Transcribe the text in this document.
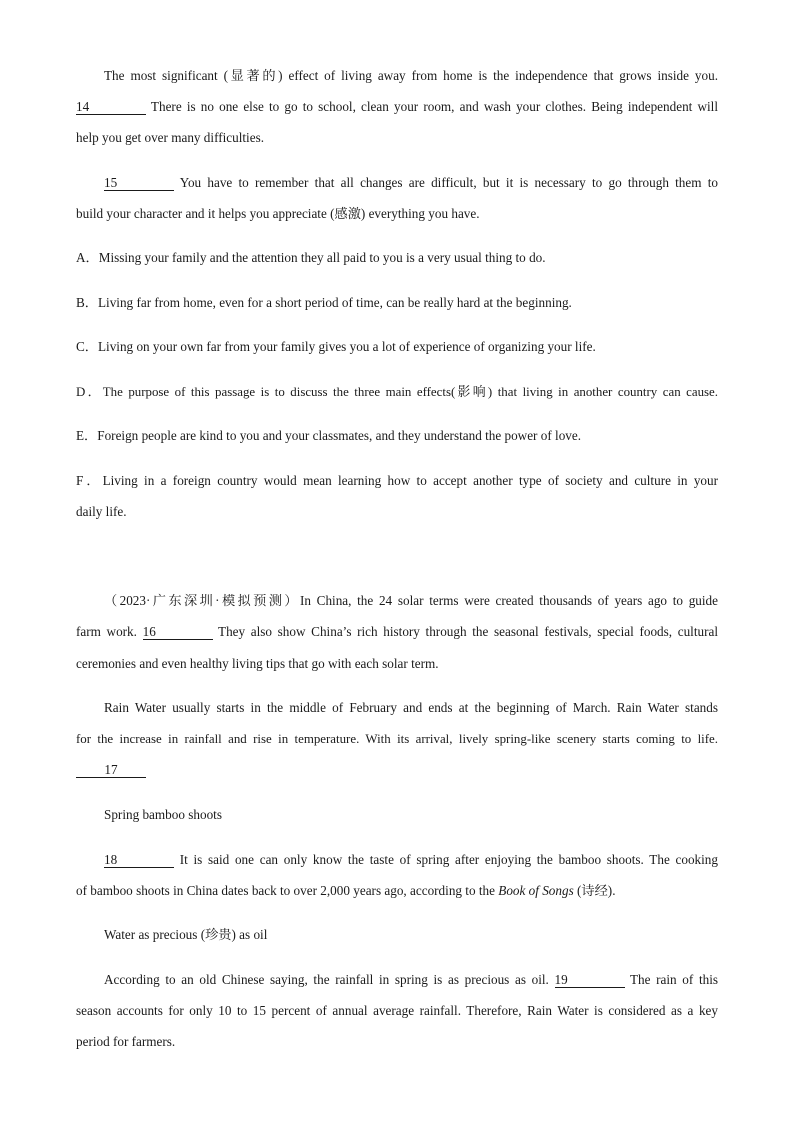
The most significant (显著的) effect of living away from home is the independence that grows inside you.
14	There is no one else to go to school, clean your room, and wash your clothes. Being independent will
help you get over many difficulties.
15	You have to remember that all changes are difficult, but it is necessary to go through them to
build your character and it helps you appreciate (感激) everything you have.
A．Missing your family and the attention they all paid to you is a very usual thing to do.
B．Living far from home, even for a short period of time, can be really hard at the beginning.
C．Living on your own far from your family gives you a lot of experience of organizing your life.
D．The purpose of this passage is to discuss the three main effects(影响) that living in another country can cause.
E．Foreign people are kind to you and your classmates, and they understand the power of love.
F．Living in a foreign country would mean learning how to accept another type of society and culture in your
daily life.
（2023·广东深圳·模拟预测）In China, the 24 solar terms were created thousands of years ago to guide
farm work. 16	They also show China’s rich history through the seasonal festivals, special foods, cultural
ceremonies and even healthy living tips that go with each solar term.
Rain Water usually starts in the middle of February and ends at the beginning of March. Rain Water stands
for the increase in rainfall and rise in temperature. With its arrival, lively spring-like scenery starts coming to life.
17
Spring bamboo shoots
18	It is said one can only know the taste of spring after enjoying the bamboo shoots. The cooking
of bamboo shoots in China dates back to over 2,000 years ago, according to the Book of Songs (诗经).
Water as precious (珍贵) as oil
According to an old Chinese saying, the rainfall in spring is as precious as oil. 19	The rain of this
season accounts for only 10 to 15 percent of annual average rainfall. Therefore, Rain Water is considered as a key
period for farmers.
